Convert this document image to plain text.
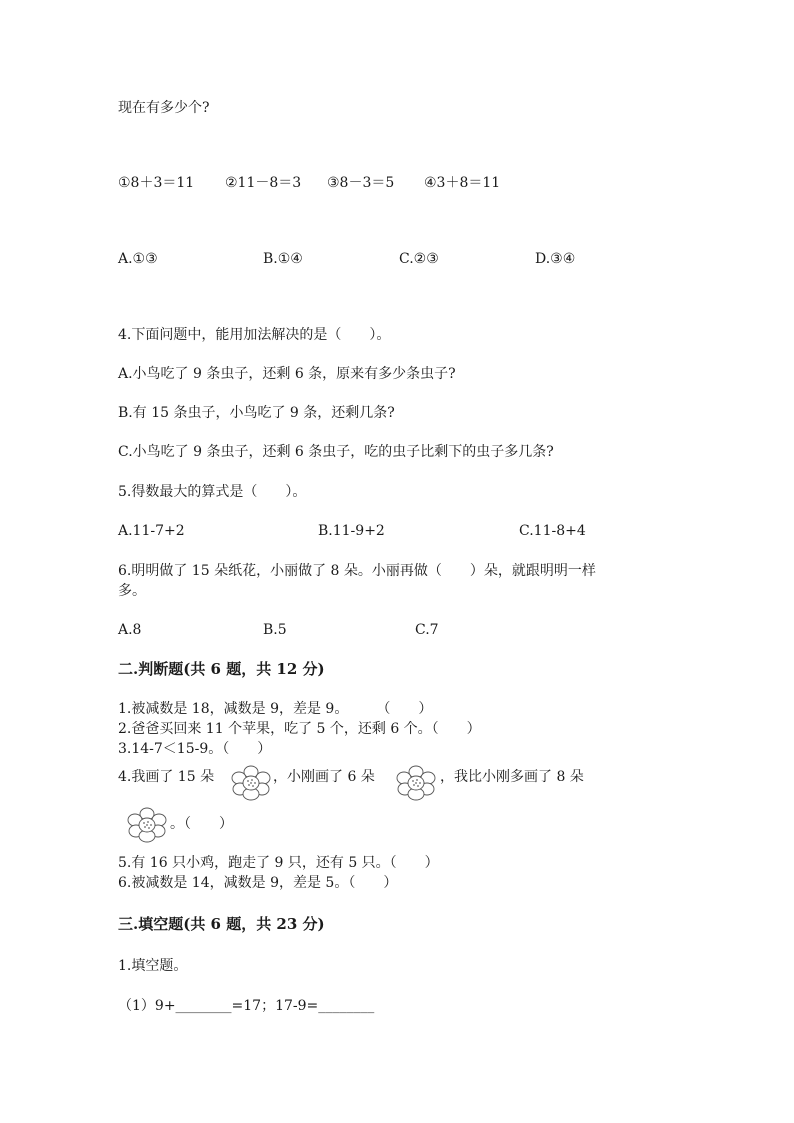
现在有多少个?
①8＋3＝11 ②11－8＝3 ③8－3＝5 ④3＋8＝11
A.①③	B.①④	C.②③	D.③④
4.下面问题中，能用加法解决的是（　　）。
A.小鸟吃了 9 条虫子，还剩 6 条，原来有多少条虫子?
B.有 15 条虫子，小鸟吃了 9 条，还剩几条?
C.小鸟吃了 9 条虫子，还剩 6 条虫子，吃的虫子比剩下的虫子多几条?
5.得数最大的算式是（　　）。
A.11-7+2	B.11-9+2	C.11-8+4
6.明明做了 15 朵纸花，小丽做了 8 朵。小丽再做（　　）朵，就跟明明一样
多。
A.8	B.5	C.7
二.判断题(共 6 题，共 12 分)
1.被减数是 18，减数是 9，差是 9。　　　（　　）
2.爸爸买回来 11 个苹果，吃了 5 个，还剩 6 个。（　　）
3.14-7＜15-9。（　　）
4.我画了 15 朵	，小刚画了 6 朵	，我比小刚多画了 8 朵
。（　　）
5.有 16 只小鸡，跑走了 9 只，还有 5 只。（　　）
6.被减数是 14，减数是 9，差是 5。（　　）
三.填空题(共 6 题，共 23 分)
1.填空题。
（1）9+________=17；17-9=________
